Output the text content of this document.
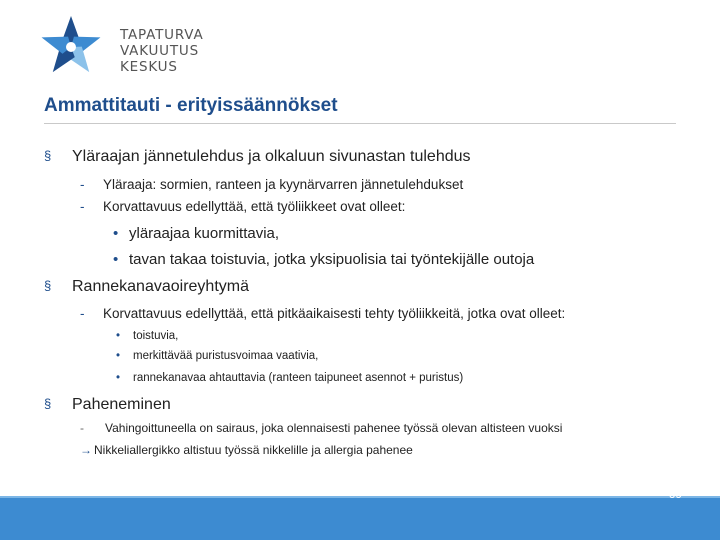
TAPATURVA
VAKUUTUS
KESKUS
Ammattitauti - erityissäännökset
§ Yläraajan jännetulehdus ja olkaluun sivunastan tulehdus
- Yläraaja: sormien, ranteen ja kyynärvarren jännetulehdukset
- Korvattavuus edellyttää, että työliikkeet ovat olleet:
• yläraajaa kuormittavia,
• tavan takaa toistuvia, jotka yksipuolisia tai työntekijälle outoja
§ Rannekanavaoireyhtymä
- Korvattavuus edellyttää, että pitkäaikaisesti tehty työliikkeitä, jotka ovat olleet:
• toistuvia,
• merkittävää puristusvoimaa vaativia,
• rannekanavaa ahtauttavia (ranteen taipuneet asennot + puristus)
§ Paheneminen
- Vahingoittuneella on sairaus, joka olennaisesti pahenee työssä olevan altisteen vuoksi
→ Nikkeliallergikko altistuu työssä nikkelille ja allergia pahenee
www.tvk.fi	69
